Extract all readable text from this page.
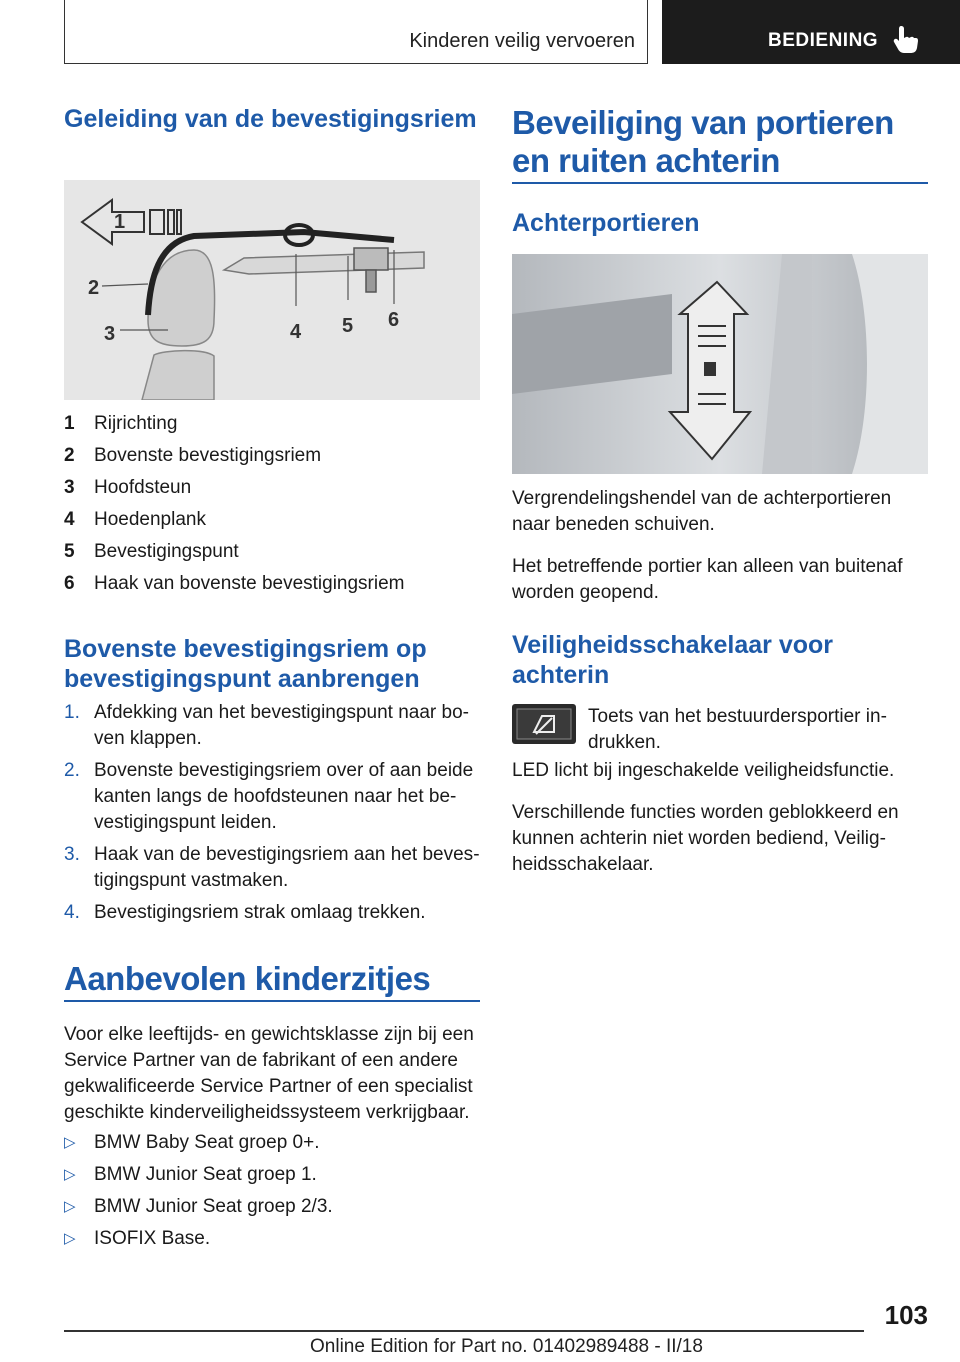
Kinderen veilig vervoeren	BEDIENING
Geleiding van de bevestigingsriem
1
2
3	4 5 6
1 Rijrichting
2 Bovenste bevestigingsriem
3 Hoofdsteun
4 Hoedenplank
5 Bevestigingspunt
6 Haak van bovenste bevestigingsriem
Bovenste bevestigingsriem op bevestigingspunt aanbrengen
1. Afdekking van het bevestigingspunt naar boven klappen.
2. Bovenste bevestigingsriem over of aan beide kanten langs de hoofdsteunen naar het bevestigingspunt leiden.
3. Haak van de bevestigingsriem aan het bevestigingspunt vastmaken.
4. Bevestigingsriem strak omlaag trekken.
Aanbevolen kinderzitjes

Voor elke leeftijds- en gewichtsklasse zijn bij een Service Partner van de fabrikant of een andere gekwalificeerde Service Partner of een specialist geschikte kinderveiligheidssysteem verkrijgbaar.

▷ BMW Baby Seat groep 0+.
▷ BMW Junior Seat groep 1.
▷ BMW Junior Seat groep 2/3.
▷ ISOFIX Base.
Beveiliging van portieren en ruiten achterin
Achterportieren

Vergrendelingshendel van de achterportieren naar beneden schuiven.

Het betreffende portier kan alleen van buitenaf worden geopend.

Veiligheidsschakelaar voor achterin

Toets van het bestuurdersportier indrukken.

LED licht bij ingeschakelde veiligheidsfunctie.

Verschillende functies worden geblokkeerd en kunnen achterin niet worden bediend, Veiligheidsschakelaar.

103
Online Edition for Part no. 01402989488 - II/18
